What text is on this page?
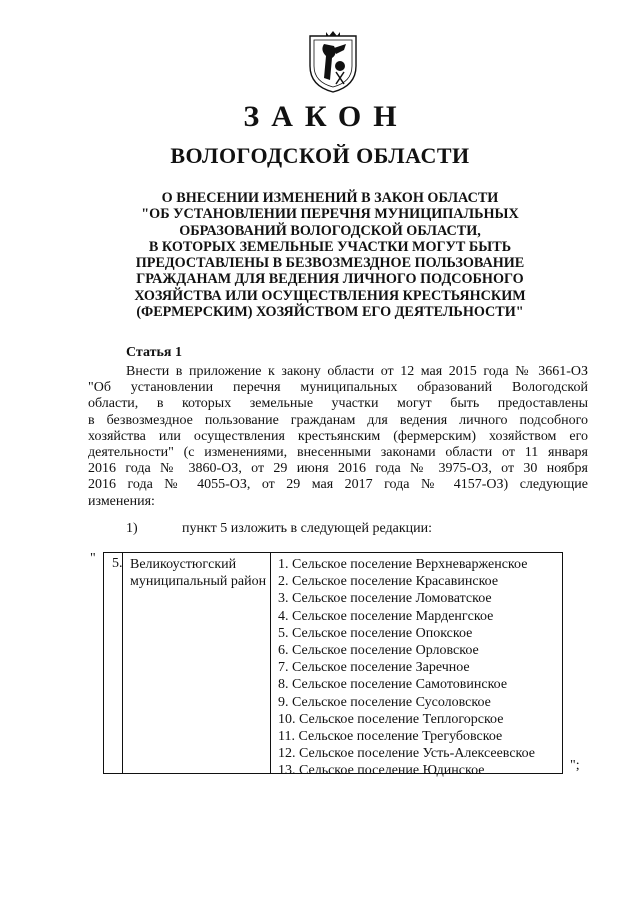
ЗАКОН
ВОЛОГОДСКОЙ ОБЛАСТИ
О ВНЕСЕНИИ ИЗМЕНЕНИЙ В ЗАКОН ОБЛАСТИ
"ОБ УСТАНОВЛЕНИИ ПЕРЕЧНЯ МУНИЦИПАЛЬНЫХ
ОБРАЗОВАНИЙ ВОЛОГОДСКОЙ ОБЛАСТИ,
В КОТОРЫХ ЗЕМЕЛЬНЫЕ УЧАСТКИ МОГУТ БЫТЬ
ПРЕДОСТАВЛЕНЫ В БЕЗВОЗМЕЗДНОЕ ПОЛЬЗОВАНИЕ
ГРАЖДАНАМ ДЛЯ ВЕДЕНИЯ ЛИЧНОГО ПОДСОБНОГО
ХОЗЯЙСТВА ИЛИ ОСУЩЕСТВЛЕНИЯ КРЕСТЬЯНСКИМ
(ФЕРМЕРСКИМ) ХОЗЯЙСТВОМ ЕГО ДЕЯТЕЛЬНОСТИ"
Статья 1
Внести в приложение к закону области от 12 мая 2015 года № 3661-ОЗ
"Об установлении перечня муниципальных образований Вологодской
области, в которых земельные участки могут быть предоставлены
в безвозмездное пользование гражданам для ведения личного подсобного
хозяйства или осуществления крестьянским (фермерским) хозяйством его
деятельности" (с изменениями, внесенными законами области от 11 января
2016 года № 3860-ОЗ, от 29 июня 2016 года № 3975-ОЗ, от 30 ноября
2016 года № 4055-ОЗ, от 29 мая 2017 года № 4157-ОЗ) следующие
изменения:
1)	пункт 5 изложить в следующей редакции:
" 5. Великоустюгский муниципальный район
1. Сельское поселение Верхневарженское
2. Сельское поселение Красавинское
3. Сельское поселение Ломоватское
4. Сельское поселение Марденгское
5. Сельское поселение Опокское
6. Сельское поселение Орловское
7. Сельское поселение Заречное
8. Сельское поселение Самотовинское
9. Сельское поселение Сусоловское
10. Сельское поселение Теплогорское
11. Сельское поселение Трегубовское
12. Сельское поселение Усть-Алексеевское
13. Сельское поселение Юдинское	";
